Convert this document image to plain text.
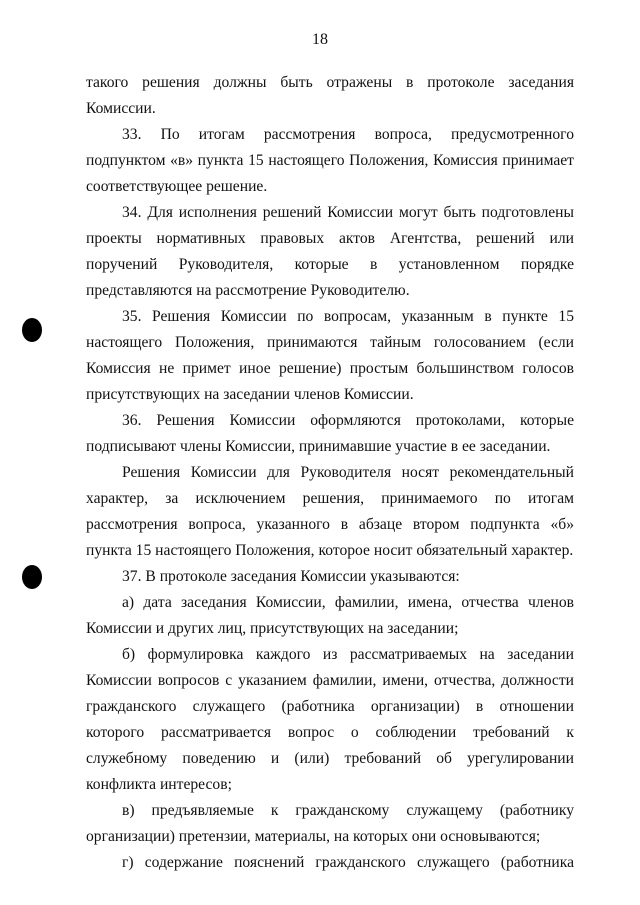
18

такого решения должны быть отражены в протоколе заседания Комиссии.

33. По итогам рассмотрения вопроса, предусмотренного подпунктом «в» пункта 15 настоящего Положения, Комиссия принимает соответствующее решение.

34. Для исполнения решений Комиссии могут быть подготовлены проекты нормативных правовых актов Агентства, решений или поручений Руководителя, которые в установленном порядке представляются на рассмотрение Руководителю.

35. Решения Комиссии по вопросам, указанным в пункте 15 настоящего Положения, принимаются тайным голосованием (если Комиссия не примет иное решение) простым большинством голосов присутствующих на заседании членов Комиссии.

36. Решения Комиссии оформляются протоколами, которые подписывают члены Комиссии, принимавшие участие в ее заседании.

Решения Комиссии для Руководителя носят рекомендательный характер, за исключением решения, принимаемого по итогам рассмотрения вопроса, указанного в абзаце втором подпункта «б» пункта 15 настоящего Положения, которое носит обязательный характер.

37. В протоколе заседания Комиссии указываются:

а) дата заседания Комиссии, фамилии, имена, отчества членов Комиссии и других лиц, присутствующих на заседании;

б) формулировка каждого из рассматриваемых на заседании Комиссии вопросов с указанием фамилии, имени, отчества, должности гражданского служащего (работника организации) в отношении которого рассматривается вопрос о соблюдении требований к служебному поведению и (или) требований об урегулировании конфликта интересов;

в) предъявляемые к гражданскому служащему (работнику организации) претензии, материалы, на которых они основываются;

г) содержание пояснений гражданского служащего (работника
